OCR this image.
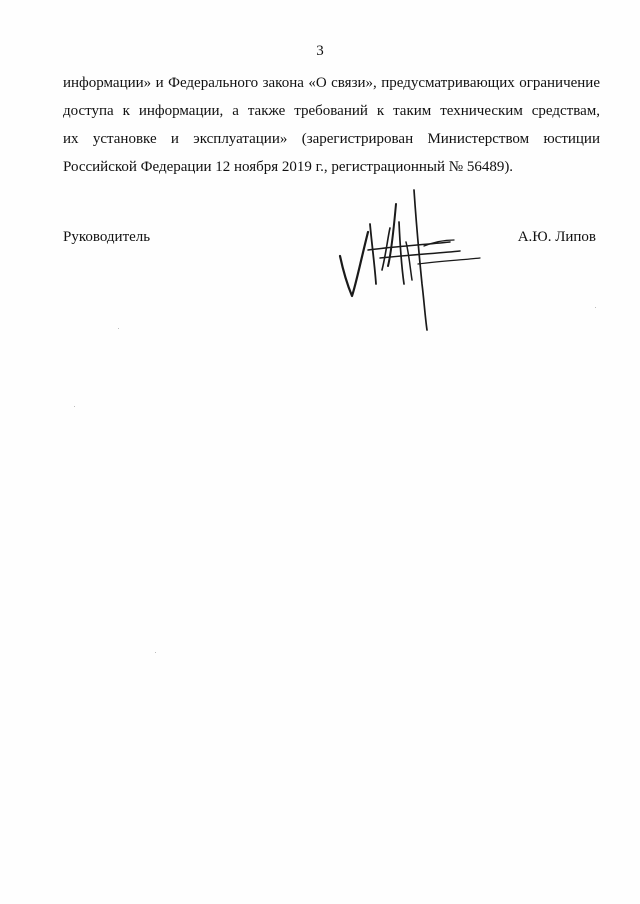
3
информации» и Федерального закона «О связи», предусматривающих ограничение
доступа к информации, а также требований к таким техническим средствам,
их установке и эксплуатации» (зарегистрирован Министерством юстиции
Российской Федерации 12 ноября 2019 г., регистрационный № 56489).
Руководитель	А.Ю. Липов
